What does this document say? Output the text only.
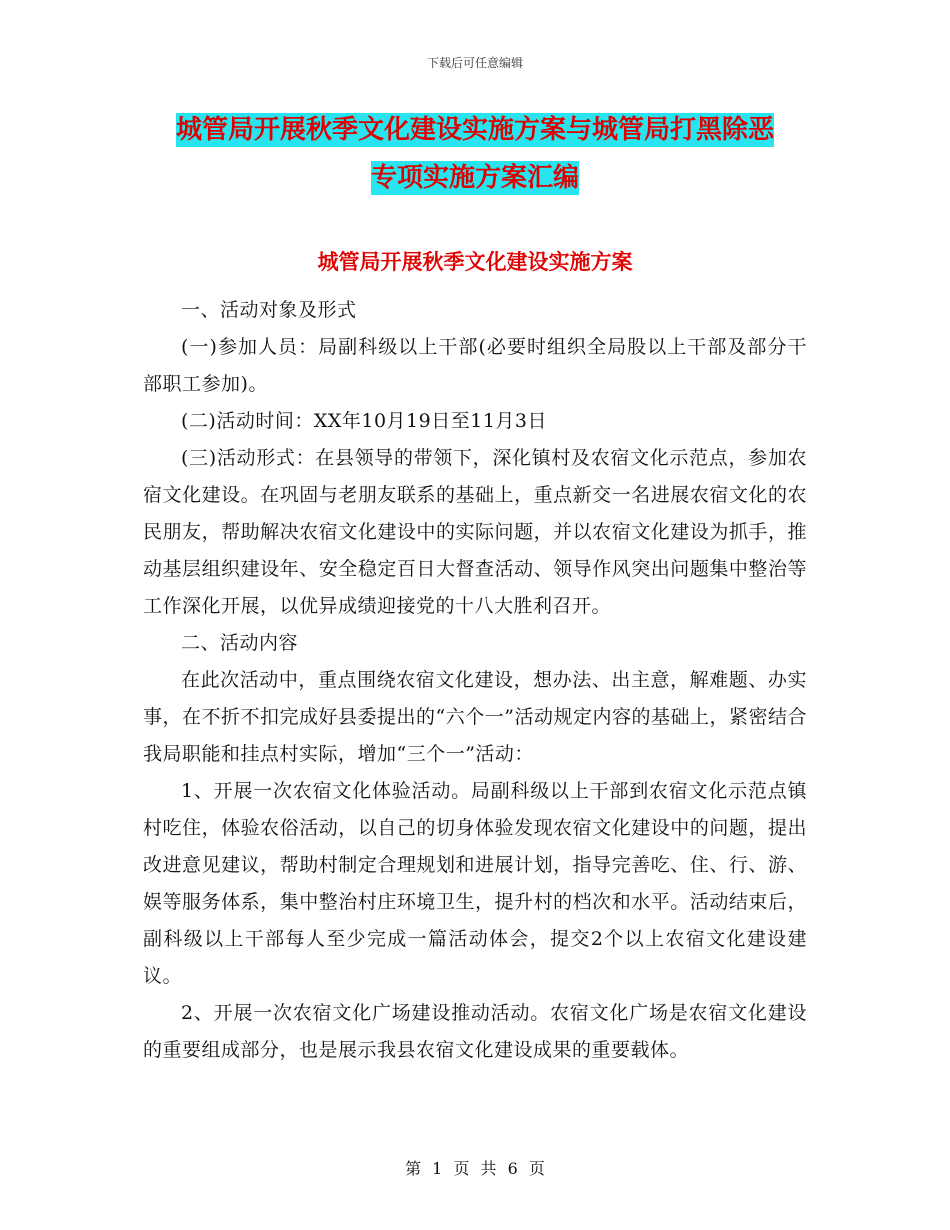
下载后可任意编辑
城管局开展秋季文化建设实施方案与城管局打黑除恶
专项实施方案汇编
城管局开展秋季文化建设实施方案

一、活动对象及形式

(一)参加人员：局副科级以上干部(必要时组织全局股以上干部及部分干部职工参加)。

(二)活动时间：XX年10月19日至11月3日

(三)活动形式：在县领导的带领下，深化镇村及农宿文化示范点，参加农宿文化建设。在巩固与老朋友联系的基础上，重点新交一名进展农宿文化的农民朋友，帮助解决农宿文化建设中的实际问题，并以农宿文化建设为抓手，推动基层组织建设年、安全稳定百日大督查活动、领导作风突出问题集中整治等工作深化开展，以优异成绩迎接党的十八大胜利召开。

二、活动内容

在此次活动中，重点围绕农宿文化建设，想办法、出主意，解难题、办实事，在不折不扣完成好县委提出的“六个一”活动规定内容的基础上，紧密结合我局职能和挂点村实际，增加“三个一”活动：

1、开展一次农宿文化体验活动。局副科级以上干部到农宿文化示范点镇村吃住，体验农俗活动，以自己的切身体验发现农宿文化建设中的问题，提出改进意见建议，帮助村制定合理规划和进展计划，指导完善吃、住、行、游、娱等服务体系，集中整治村庄环境卫生，提升村的档次和水平。活动结束后，副科级以上干部每人至少完成一篇活动体会，提交2个以上农宿文化建设建议。

2、开展一次农宿文化广场建设推动活动。农宿文化广场是农宿文化建设的重要组成部分，也是展示我县农宿文化建设成果的重要载体。

第 1 页 共 6 页
